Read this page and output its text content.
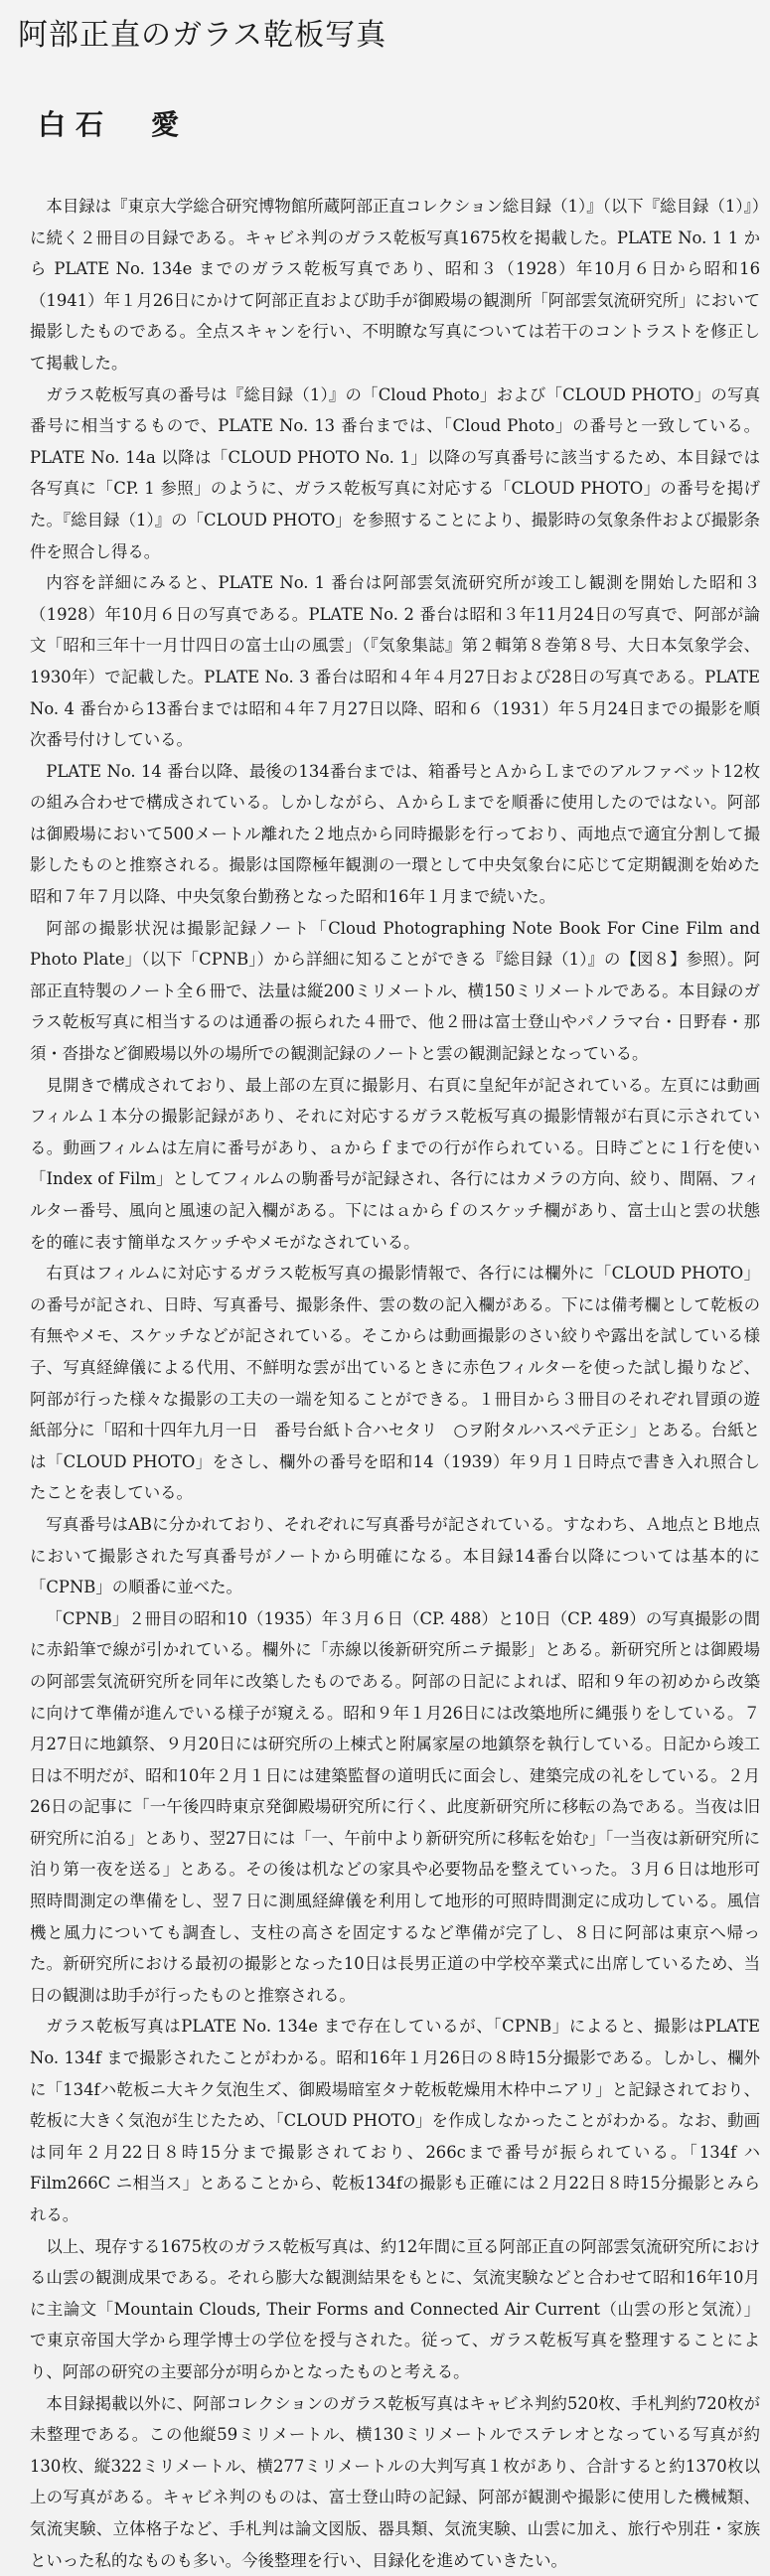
阿部正直のガラス乾板写真
白石　愛

本目録は『東京大学総合研究博物館所蔵阿部正直コレクション総目録（1）』（以下『総目録（1）』）に続く２冊目の目録である。キャビネ判のガラス乾板写真1675枚を掲載した。PLATE No. 1 1 から PLATE No. 134e までのガラス乾板写真であり、昭和３（1928）年10月６日から昭和16（1941）年１月26日にかけて阿部正直および助手が御殿場の観測所「阿部雲気流研究所」において撮影したものである。全点スキャンを行い、不明瞭な写真については若干のコントラストを修正して掲載した。

ガラス乾板写真の番号は『総目録（1）』の「Cloud Photo」および「CLOUD PHOTO」の写真番号に相当するもので、PLATE No. 13 番台までは、「Cloud Photo」の番号と一致している。PLATE No. 14a 以降は「CLOUD PHOTO No. 1」以降の写真番号に該当するため、本目録では各写真に「CP. 1 参照」のように、ガラス乾板写真に対応する「CLOUD PHOTO」の番号を掲げた。『総目録（1）』の「CLOUD PHOTO」を参照することにより、撮影時の気象条件および撮影条件を照合し得る。

内容を詳細にみると、PLATE No. 1 番台は阿部雲気流研究所が竣工し観測を開始した昭和３（1928）年10月６日の写真である。PLATE No. 2 番台は昭和３年11月24日の写真で、阿部が論文「昭和三年十一月廿四日の富士山の風雲」（『気象集誌』第２輯第８巻第８号、大日本気象学会、1930年）で記載した。PLATE No. 3 番台は昭和４年４月27日および28日の写真である。PLATE No. 4 番台から13番台までは昭和４年７月27日以降、昭和６（1931）年５月24日までの撮影を順次番号付けしている。

PLATE No. 14 番台以降、最後の134番台までは、箱番号とＡからＬまでのアルファベット12枚の組み合わせで構成されている。しかしながら、ＡからＬまでを順番に使用したのではない。阿部は御殿場において500メートル離れた２地点から同時撮影を行っており、両地点で適宜分割して撮影したものと推察される。撮影は国際極年観測の一環として中央気象台に応じて定期観測を始めた昭和７年７月以降、中央気象台勤務となった昭和16年１月まで続いた。

阿部の撮影状況は撮影記録ノート「Cloud Photographing Note Book For Cine Film and Photo Plate」（以下「CPNB」）から詳細に知ることができる『総目録（1）』の【図８】参照）。阿部正直特製のノート全６冊で、法量は縦200ミリメートル、横150ミリメートルである。本目録のガラス乾板写真に相当するのは通番の振られた４冊で、他２冊は富士登山やパノラマ台・日野春・那須・沓掛など御殿場以外の場所での観測記録のノートと雲の観測記録となっている。

見開きで構成されており、最上部の左頁に撮影月、右頁に皇紀年が記されている。左頁には動画フィルム１本分の撮影記録があり、それに対応するガラス乾板写真の撮影情報が右頁に示されている。動画フィルムは左肩に番号があり、ａからｆまでの行が作られている。日時ごとに１行を使い「Index of Film」としてフィルムの駒番号が記録され、各行にはカメラの方向、絞り、間隔、フィルター番号、風向と風速の記入欄がある。下にはａからｆのスケッチ欄があり、富士山と雲の状態を的確に表す簡単なスケッチやメモがなされている。

右頁はフィルムに対応するガラス乾板写真の撮影情報で、各行には欄外に「CLOUD PHOTO」の番号が記され、日時、写真番号、撮影条件、雲の数の記入欄がある。下には備考欄として乾板の有無やメモ、スケッチなどが記されている。そこからは動画撮影のさい絞りや露出を試している様子、写真経緯儀による代用、不鮮明な雲が出ているときに赤色フィルターを使った試し撮りなど、阿部が行った様々な撮影の工夫の一端を知ることができる。１冊目から３冊目のそれぞれ冒頭の遊紙部分に「昭和十四年九月一日　番号台紙ト合ハセタリ　○ヲ附タルハスペテ正シ」とある。台紙とは「CLOUD PHOTO」をさし、欄外の番号を昭和14（1939）年９月１日時点で書き入れ照合したことを表している。

写真番号はABに分かれており、それぞれに写真番号が記されている。すなわち、Ａ地点とＢ地点において撮影された写真番号がノートから明確になる。本目録14番台以降については基本的に「CPNB」の順番に並べた。

「CPNB」２冊目の昭和10（1935）年３月６日（CP. 488）と10日（CP. 489）の写真撮影の間に赤鉛筆で線が引かれている。欄外に「赤線以後新研究所ニテ撮影」とある。新研究所とは御殿場の阿部雲気流研究所を同年に改築したものである。阿部の日記によれば、昭和９年の初めから改築に向けて準備が進んでいる様子が窺える。昭和９年１月26日には改築地所に縄張りをしている。７月27日に地鎮祭、９月20日には研究所の上棟式と附属家屋の地鎮祭を執行している。日記から竣工日は不明だが、昭和10年２月１日には建築監督の道明氏に面会し、建築完成の礼をしている。２月26日の記事に「一午後四時東京発御殿場研究所に行く、此度新研究所に移転の為である。当夜は旧研究所に泊る」とあり、翌27日には「一、午前中より新研究所に移転を始む」「一当夜は新研究所に泊り第一夜を送る」とある。その後は机などの家具や必要物品を整えていった。３月６日は地形可照時間測定の準備をし、翌７日に測風経緯儀を利用して地形的可照時間測定に成功している。風信機と風力についても調査し、支柱の高さを固定するなど準備が完了し、８日に阿部は東京へ帰った。新研究所における最初の撮影となった10日は長男正道の中学校卒業式に出席しているため、当日の観測は助手が行ったものと推察される。

ガラス乾板写真はPLATE No. 134e まで存在しているが、「CPNB」によると、撮影はPLATE No. 134f まで撮影されたことがわかる。昭和16年１月26日の８時15分撮影である。しかし、欄外に「134fハ乾板ニ大キク気泡生ズ、御殿場暗室タナ乾板乾燥用木枠中ニアリ」と記録されており、乾板に大きく気泡が生じたため、「CLOUD PHOTO」を作成しなかったことがわかる。なお、動画は同年２月22日８時15分まで撮影されており、266cまで番号が振られている。「134f ハ Film266C ニ相当ス」とあることから、乾板134fの撮影も正確には２月22日８時15分撮影とみられる。

以上、現存する1675枚のガラス乾板写真は、約12年間に亘る阿部正直の阿部雲気流研究所における山雲の観測成果である。それら膨大な観測結果をもとに、気流実験などと合わせて昭和16年10月に主論文「Mountain Clouds, Their Forms and Connected Air Current（山雲の形と気流）」で東京帝国大学から理学博士の学位を授与された。従って、ガラス乾板写真を整理することにより、阿部の研究の主要部分が明らかとなったものと考える。

本目録掲載以外に、阿部コレクションのガラス乾板写真はキャビネ判約520枚、手札判約720枚が未整理である。この他縦59ミリメートル、横130ミリメートルでステレオとなっている写真が約130枚、縦322ミリメートル、横277ミリメートルの大判写真１枚があり、合計すると約1370枚以上の写真がある。キャビネ判のものは、富士登山時の記録、阿部が観測や撮影に使用した機械類、気流実験、立体格子など、手札判は論文図版、器具類、気流実験、山雲に加え、旅行や別荘・家族といった私的なものも多い。今後整理を行い、目録化を進めていきたい。
